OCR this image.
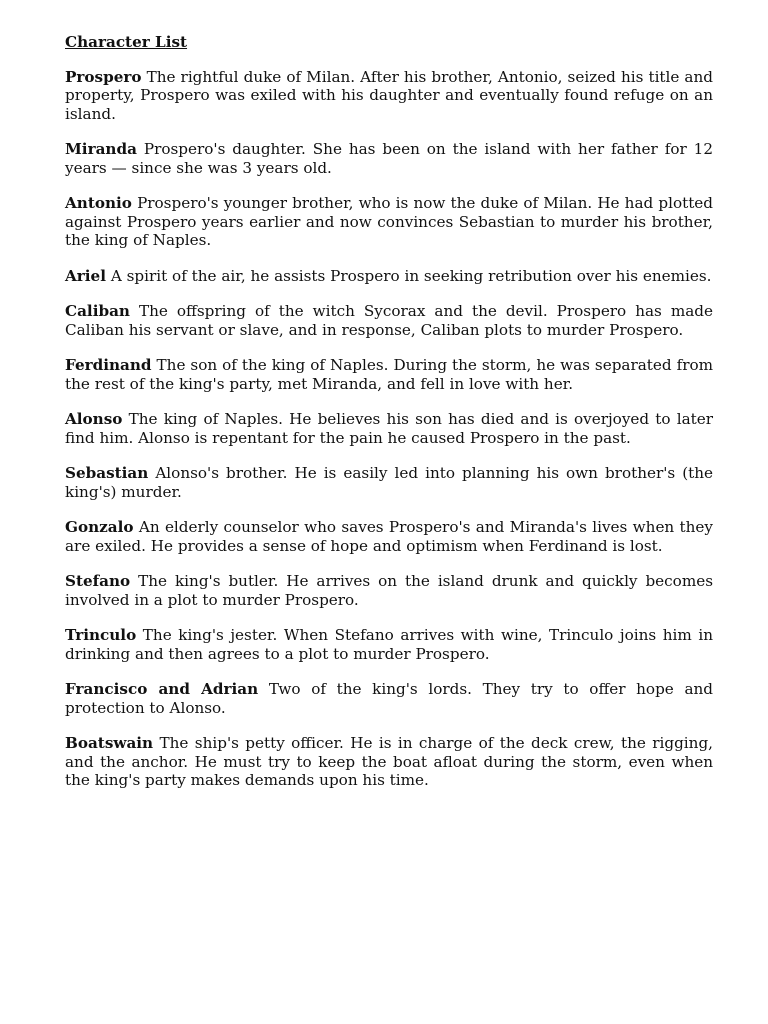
Character List

Prospero The rightful duke of Milan. After his brother, Antonio, seized his title and property, Prospero was exiled with his daughter and eventually found refuge on an island.

Miranda Prospero's daughter. She has been on the island with her father for 12 years — since she was 3 years old.

Antonio Prospero's younger brother, who is now the duke of Milan. He had plotted against Prospero years earlier and now convinces Sebastian to murder his brother, the king of Naples.

Ariel A spirit of the air, he assists Prospero in seeking retribution over his enemies.

Caliban The offspring of the witch Sycorax and the devil. Prospero has made Caliban his servant or slave, and in response, Caliban plots to murder Prospero.

Ferdinand The son of the king of Naples. During the storm, he was separated from the rest of the king's party, met Miranda, and fell in love with her.

Alonso The king of Naples. He believes his son has died and is overjoyed to later find him. Alonso is repentant for the pain he caused Prospero in the past.

Sebastian Alonso's brother. He is easily led into planning his own brother's (the king's) murder.

Gonzalo An elderly counselor who saves Prospero's and Miranda's lives when they are exiled. He provides a sense of hope and optimism when Ferdinand is lost.

Stefano The king's butler. He arrives on the island drunk and quickly becomes involved in a plot to murder Prospero.

Trinculo The king's jester. When Stefano arrives with wine, Trinculo joins him in drinking and then agrees to a plot to murder Prospero.

Francisco and Adrian Two of the king's lords. They try to offer hope and protection to Alonso.

Boatswain The ship's petty officer. He is in charge of the deck crew, the rigging, and the anchor. He must try to keep the boat afloat during the storm, even when the king's party makes demands upon his time.
